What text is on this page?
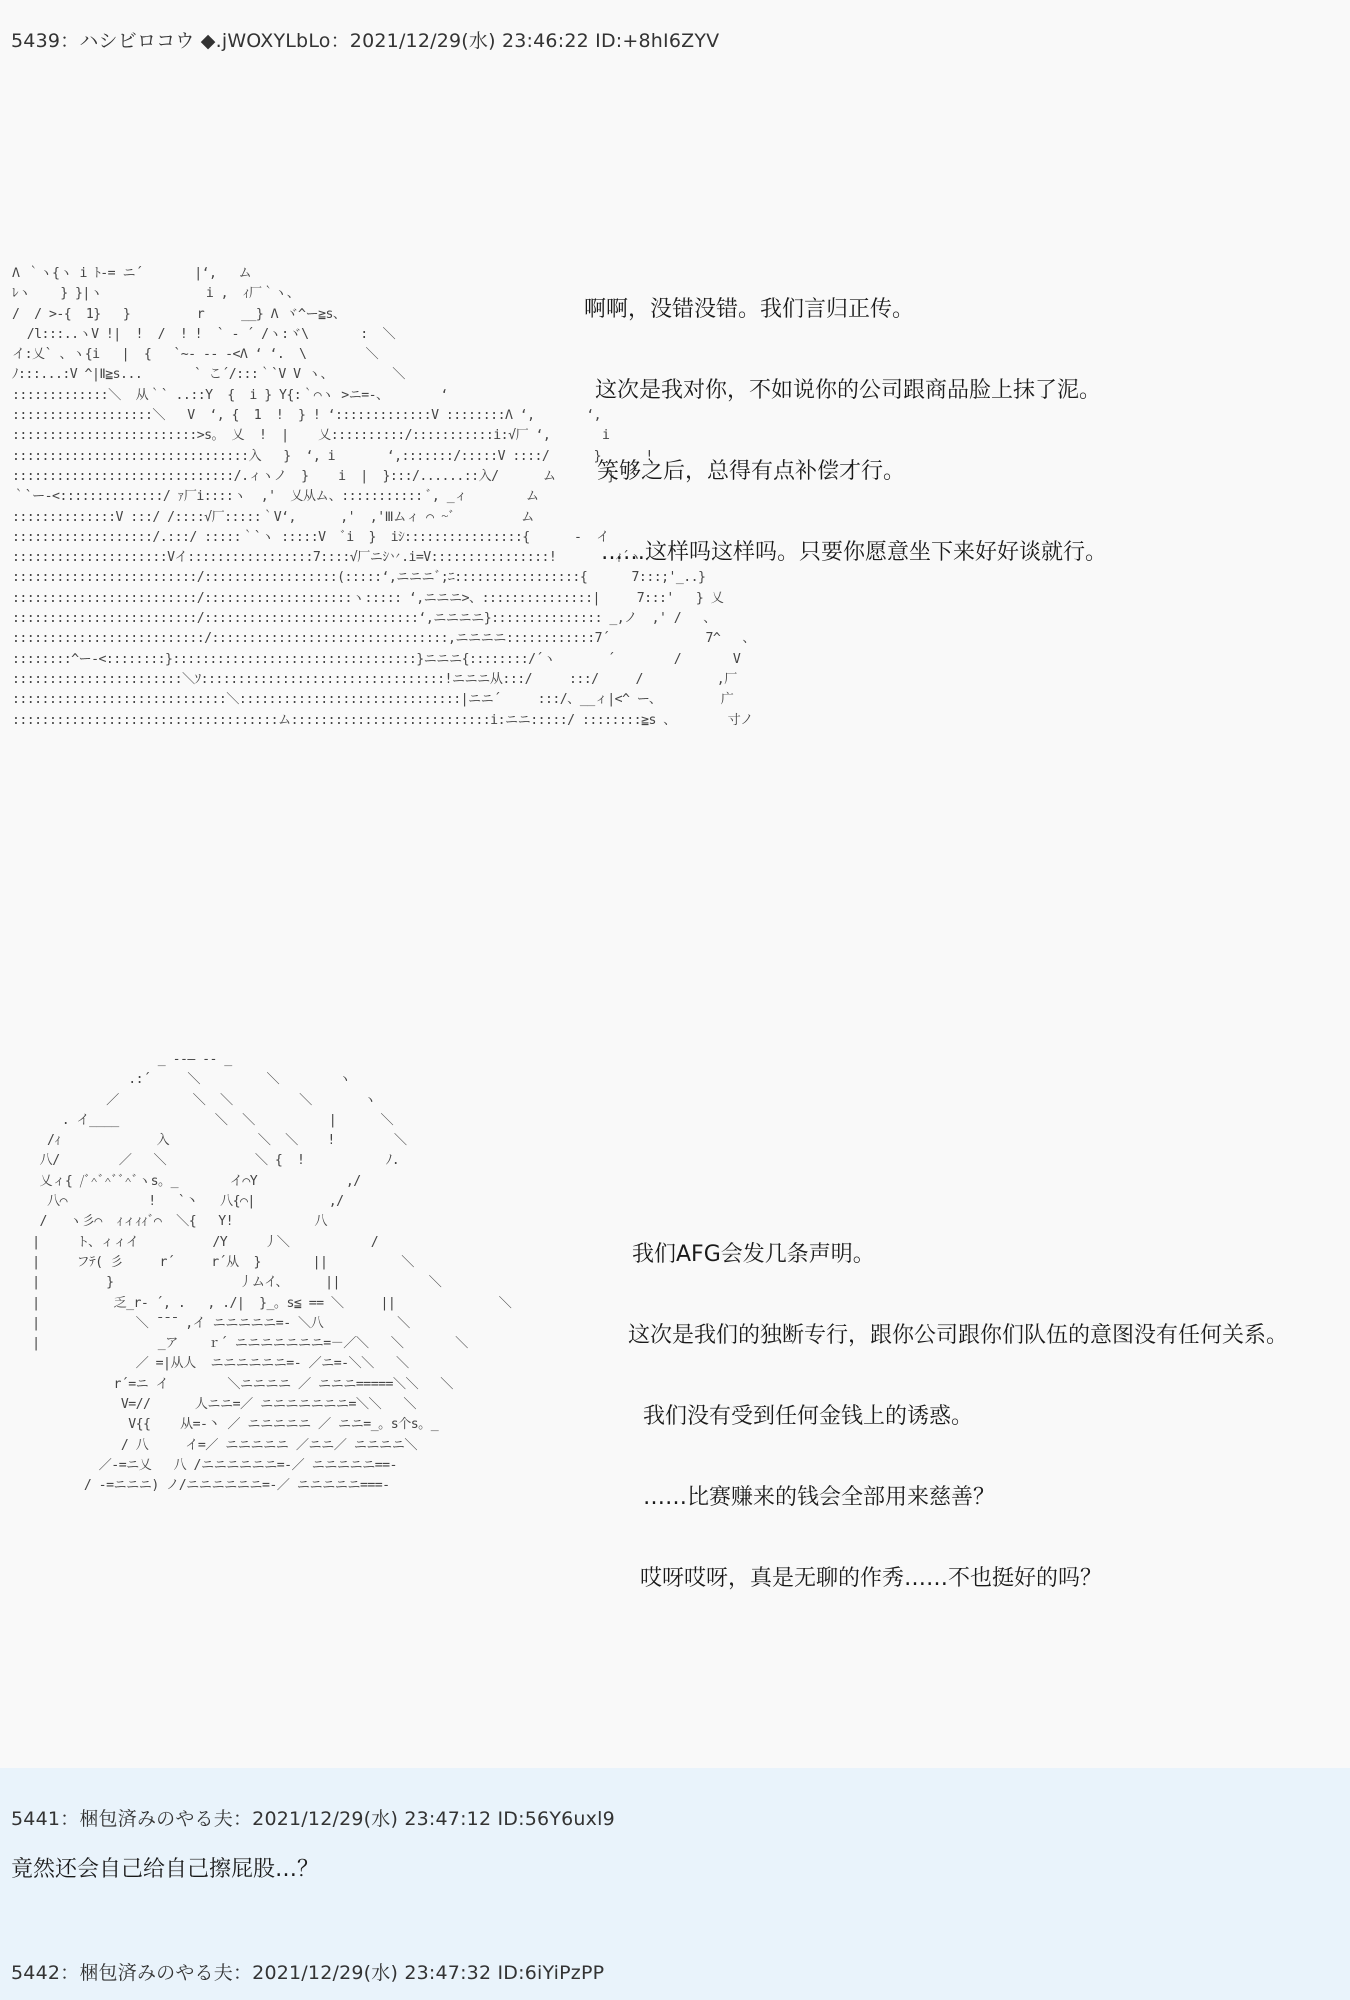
5439：ハシビロコウ ◆.jWOXYLbLo：2021/12/29(水) 23:46:22 ID:+8hI6ZYV
Λ ｀ヽ{ヽ i ﾄ-= ニ´       |‘,   ム
ﾚヽ    } }|ヽ              i ,  ｨ厂｀ヽ、
/  / >-{  1}   }         r     __} Λ ヾ^ー≧s、
/l:::..ヽV !|  !  /  ! !  ` ‐ ´ /ヽ:ヾ\       :  ＼
イ:乂` 、ヽ{i   |  {   `~- -- -<Λ ‘ ‘.  \        ＼
ﾉ:::...:V ^|Ⅱ≧s...       ` こ´/:::｀`V V ヽ、        ＼
:::::::::::::＼  从｀` ..::Y  {  i } Y{:｀⌒ヽ >ニ=-、       ‘
:::::::::::::::::::＼   V  ‘, {  1  !  } ! ‘:::::::::::::V ::::::::Λ ‘,       ‘,
:::::::::::::::::::::::::>s。 乂  !  |    乂::::::::::/:::::::::::i:√厂 ‘,       i
::::::::::::::::::::::::::::::::入   }  ‘, i       ‘,:::::::/:::::V ::::/      }      !
::::::::::::::::::::::::::::::/.ィヽノ  }    i  |  }:::/......::入/      ム       }
｀`ー-<::::::::::::::/ ｧ厂i::::ヽ  ,'  乂从ム、::::::::::: ﾞ, _ィ        ム
::::::::::::::V :::/ /::::√厂:::::｀V‘,      ,'  ,'Ⅲムィ ⌒ ~ﾞ         ム
:::::::::::::::::::/.:::/ :::::｀`ヽ :::::V  ﾞi  }  iｼ::::::::::::::::{      -  イ
:::::::::::::::::::::Vイ:::::::::::::::::7::::√厂ニｼ丷.i=V::::::::::::::::!        ｨ´ヽ
:::::::::::::::::::::::::/::::::::::::::::::(:::::‘,ニニニﾞ;ﾆ:::::::::::::::::{      7:::;'_..}
:::::::::::::::::::::::::/::::::::::::::::::::ヽ::::: ‘,ニニニ>、:::::::::::::::|     7:::'   } 乂
:::::::::::::::::::::::::/:::::::::::::::::::::::::::::‘,ニニニニ}::::::::::::::: _,ノ  ,' /   、
::::::::::::::::::::::::::/::::::::::::::::::::::::::::::::,ニニニニ::::::::::::7´             7^   、
::::::::^ー‐<::::::::}:::::::::::::::::::::::::::::::::}ニニニ{::::::::/´ヽ       ´        /       V
:::::::::::::::::::::::＼ｿ:::::::::::::::::::::::::::::::::!ニニニ从:::/     :::/     /          ,厂
:::::::::::::::::::::::::::::＼::::::::::::::::::::::::::::::|ニニ´     :::/、__ィ|<^ ー、        广
::::::::::::::::::::::::::::::::::::ム:::::::::::::::::::::::::::i:ニニ:::::/ ::::::::≧s 、       寸ノ
啊啊，没错没错。我们言归正传。
这次是我对你，不如说你的公司跟商品脸上抹了泥。
笑够之后，总得有点补偿才行。
……这样吗这样吗。只要你愿意坐下来好好谈就行。
_ -‐― -- _
.:´     ＼         ＼        ヽ
／          ＼  ＼         ＼       ヽ
. イ____             ＼  ＼          |      ＼
/ｨ             入            ＼  ＼    !        ＼
八/        ／   ＼            ＼ {  !           ﾉ.
乂ィ{ /ﾞ^ﾞ^ﾞﾞ^ﾞヽs。_       イ⌒Y            ,/
八⌒           !   `丶   八{⌒|          ,/
/   ヽ彡⌒  ｨィｨｨﾞ⌒  ＼{   Y!           八
|     ト、ィィイ          /Y     丿＼           /
|     フﾃ( 彡     r´     r´从  }       ||          ＼
|         }                 丿ムイ、     ||            ＼
|          乏_r‐ ´, .   , ./|  }_。s≦ == ＼     ||              ＼
|             ＼ ̄ ̄ ̄  ,イ ニニニニニ=- ＼八          ＼
|                _ア    ｒ´ ニニニニニニニ=－／＼   ＼       ＼
／ =|从人  ニニニニニニ=- ／ニ=-＼＼   ＼
r´=ニ イ        ＼ニニニニ ／ ニニニ=====＼＼   ＼
V=//      人ニニ=／ ニニニニニニニ=＼＼   ＼
V{{    从=-丶 ／ ニニニニニ ／ ニニ=_。s个s。_
/ 八     イ=／ ニニニニニ ／ニニ／ ニニニニ＼
／-=ニ乂   八 /ニニニニニニ=-／ ニニニニニ==-
/ -=ニニニ) ノ/ニニニニニニ=-／ ニニニニニ===-
我们AFG会发几条声明。
这次是我们的独断专行，跟你公司跟你们队伍的意图没有任何关系。
我们没有受到任何金钱上的诱惑。
……比赛赚来的钱会全部用来慈善？
哎呀哎呀，真是无聊的作秀……不也挺好的吗？
5441：梱包済みのやる夫：2021/12/29(水) 23:47:12 ID:56Y6uxl9
竟然还会自己给自己擦屁股…？
5442：梱包済みのやる夫：2021/12/29(水) 23:47:32 ID:6iYiPzPP
